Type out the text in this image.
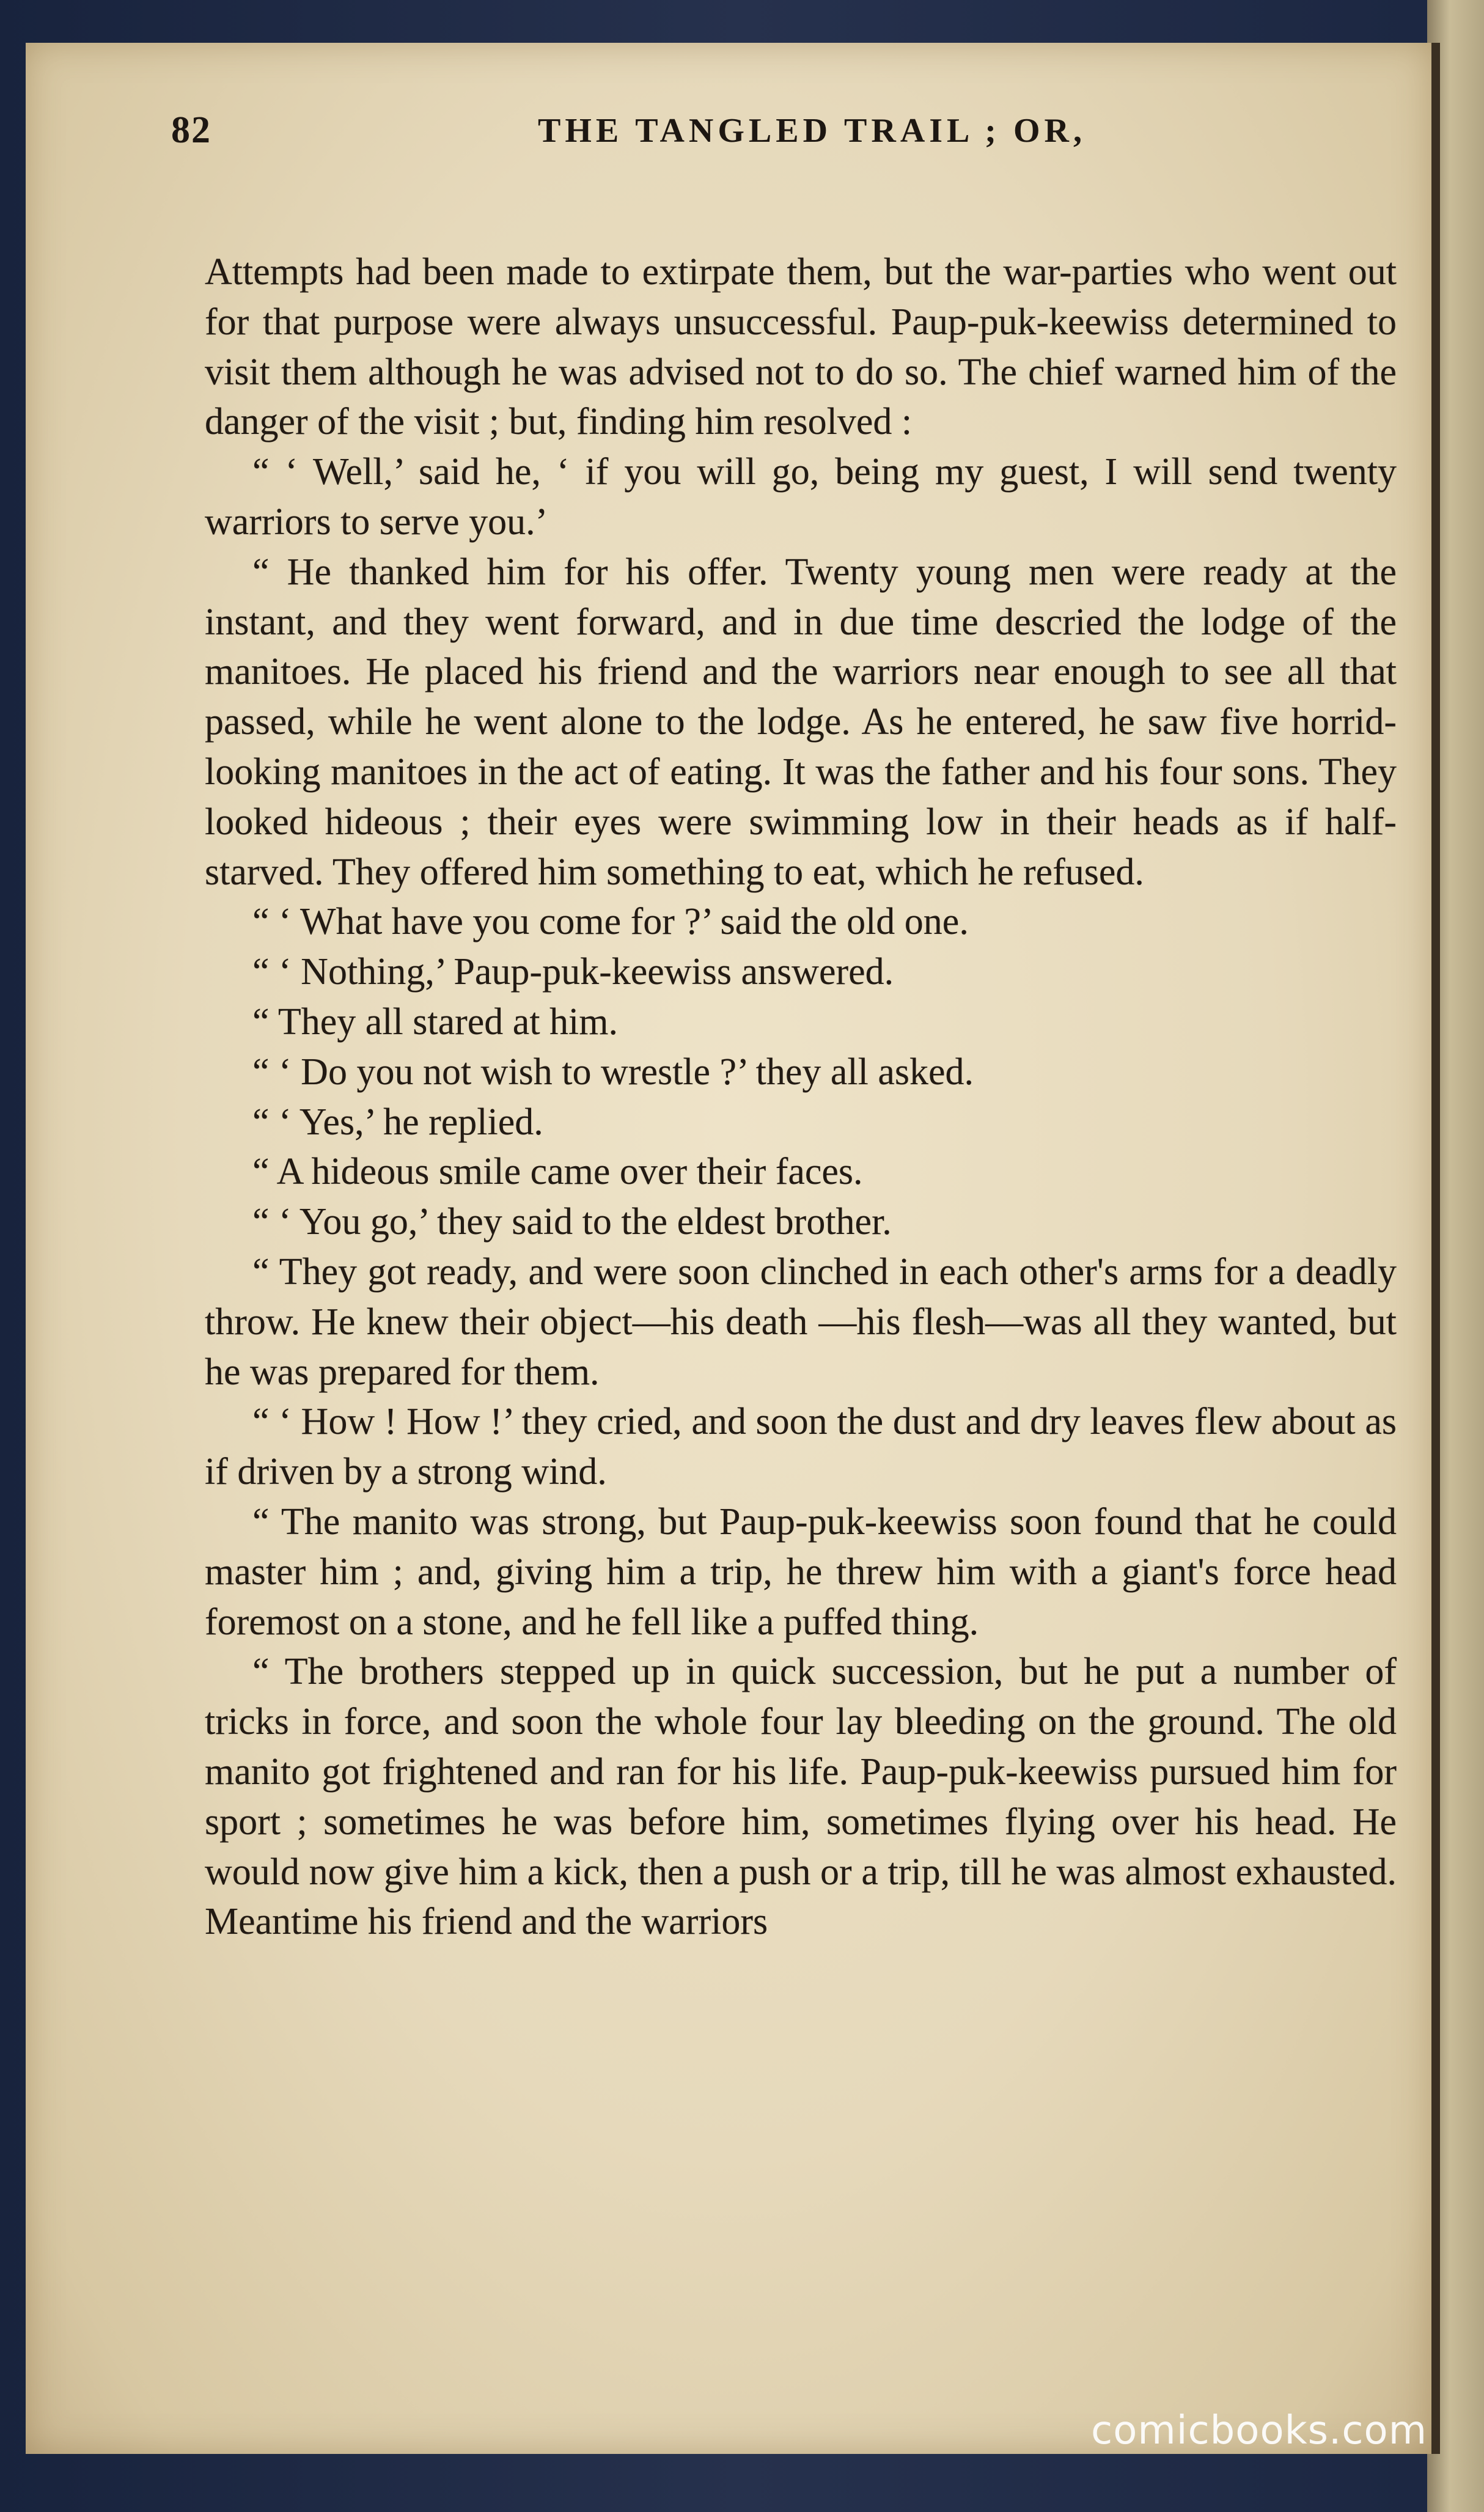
82	THE TANGLED TRAIL ; OR,

Attempts had been made to extirpate them, but the war-parties who went out for that purpose were always unsuccessful. Paup-puk-keewiss determined to visit them although he was advised not to do so. The chief warned him of the danger of the visit ; but, finding him resolved :

“ ‘ Well,’ said he, ‘ if you will go, being my guest, I will send twenty warriors to serve you.’

“ He thanked him for his offer. Twenty young men were ready at the instant, and they went forward, and in due time descried the lodge of the manitoes. He placed his friend and the warriors near enough to see all that passed, while he went alone to the lodge. As he entered, he saw five horrid-looking manitoes in the act of eating. It was the father and his four sons. They looked hideous ; their eyes were swimming low in their heads as if half-starved. They offered him something to eat, which he refused.

“ ‘ What have you come for ?’ said the old one.

“ ‘ Nothing,’ Paup-puk-keewiss answered.

“ They all stared at him.

“ ‘ Do you not wish to wrestle ?’ they all asked.

“ ‘ Yes,’ he replied.

“ A hideous smile came over their faces.

“ ‘ You go,’ they said to the eldest brother.

“ They got ready, and were soon clinched in each other's arms for a deadly throw. He knew their object—his death —his flesh—was all they wanted, but he was prepared for them.

“ ‘ How ! How !’ they cried, and soon the dust and dry leaves flew about as if driven by a strong wind.

“ The manito was strong, but Paup-puk-keewiss soon found that he could master him ; and, giving him a trip, he threw him with a giant's force head foremost on a stone, and he fell like a puffed thing.

“ The brothers stepped up in quick succession, but he put a number of tricks in force, and soon the whole four lay bleeding on the ground. The old manito got frightened and ran for his life. Paup-puk-keewiss pursued him for sport ; sometimes he was before him, sometimes flying over his head. He would now give him a kick, then a push or a trip, till he was almost exhausted. Meantime his friend and the warriors

comicbooks.com
